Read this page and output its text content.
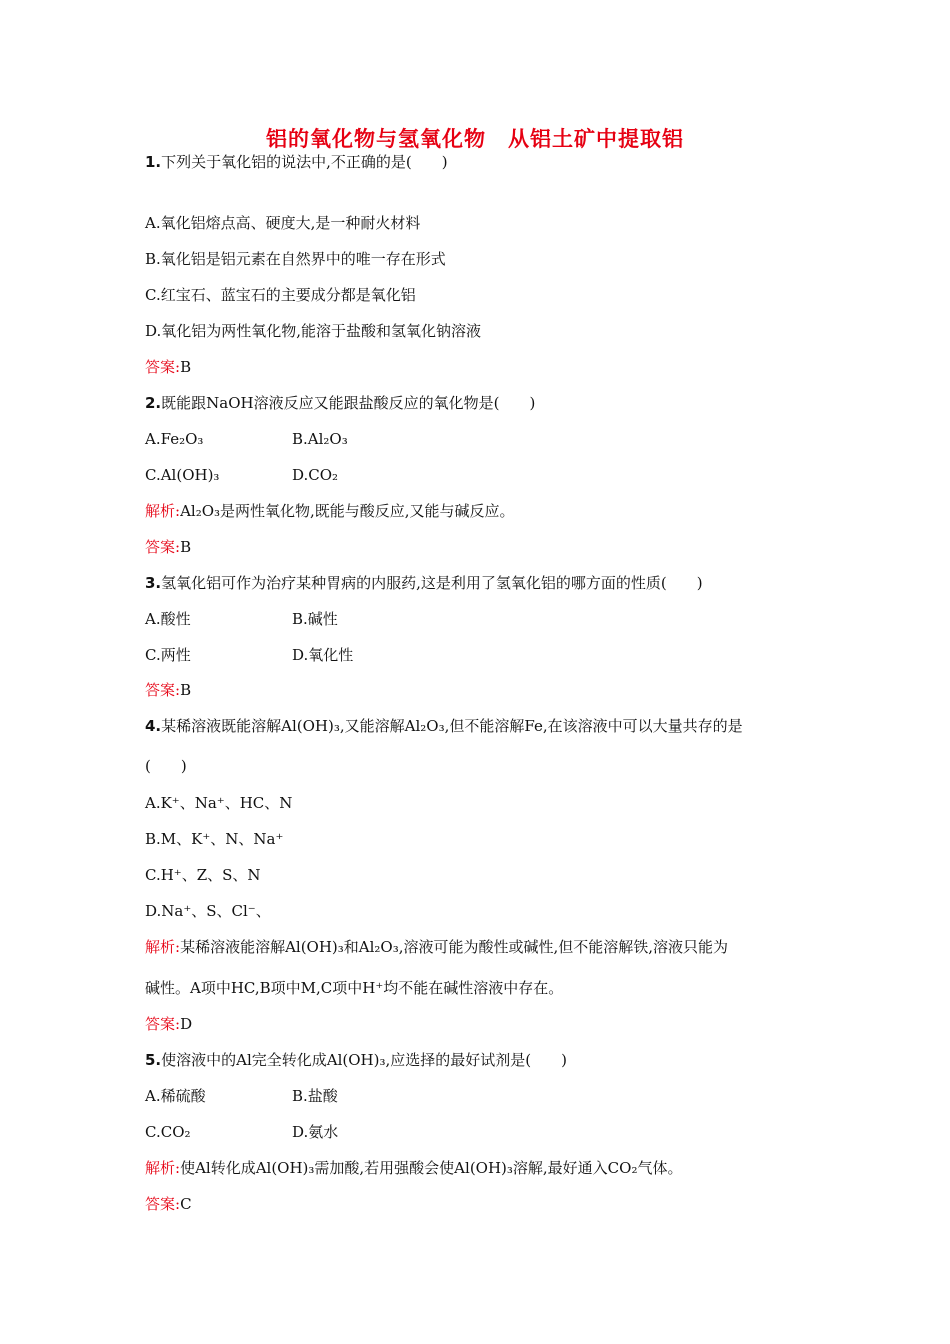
铝的氧化物与氢氧化物　从铝土矿中提取铝
1.下列关于氧化铝的说法中,不正确的是(　　)
A.氧化铝熔点高、硬度大,是一种耐火材料
B.氧化铝是铝元素在自然界中的唯一存在形式
C.红宝石、蓝宝石的主要成分都是氧化铝
D.氧化铝为两性氧化物,能溶于盐酸和氢氧化钠溶液
答案:B
2.既能跟NaOH溶液反应又能跟盐酸反应的氧化物是(　　)
A.Fe₂O₃	B.Al₂O₃
C.Al(OH)₃	D.CO₂
解析:Al₂O₃是两性氧化物,既能与酸反应,又能与碱反应。
答案:B
3.氢氧化铝可作为治疗某种胃病的内服药,这是利用了氢氧化铝的哪方面的性质(　　)
A.酸性	B.碱性
C.两性	D.氧化性
答案:B
4.某稀溶液既能溶解Al(OH)₃,又能溶解Al₂O₃,但不能溶解Fe,在该溶液中可以大量共存的是
(　　)
A.K⁺、Na⁺、HC、N
B.M、K⁺、N、Na⁺
C.H⁺、Z、S、N
D.Na⁺、S、Cl⁻、
解析:某稀溶液能溶解Al(OH)₃和Al₂O₃,溶液可能为酸性或碱性,但不能溶解铁,溶液只能为
碱性。A项中HC,B项中M,C项中H⁺均不能在碱性溶液中存在。
答案:D
5.使溶液中的Al完全转化成Al(OH)₃,应选择的最好试剂是(　　)
A.稀硫酸	B.盐酸
C.CO₂	D.氨水
解析:使Al转化成Al(OH)₃需加酸,若用强酸会使Al(OH)₃溶解,最好通入CO₂气体。
答案:C
